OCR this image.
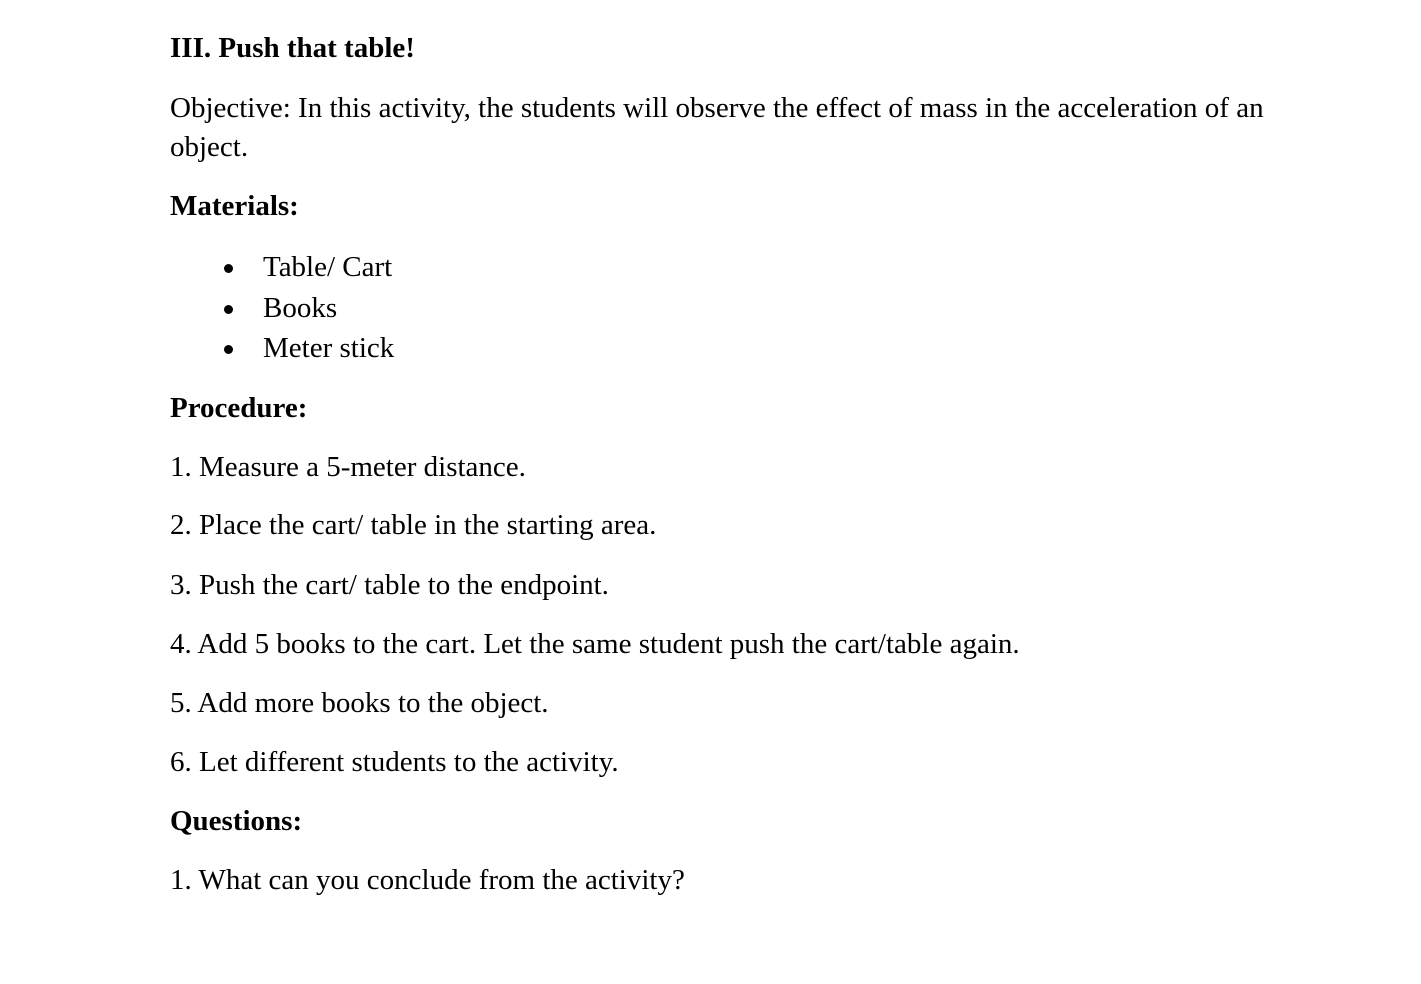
III. Push that table!
Objective: In this activity, the students will observe the effect of mass in the acceleration of an object.
Materials:
Table/ Cart
Books
Meter stick
Procedure:
1. Measure a 5-meter distance.
2. Place the cart/ table in the starting area.
3. Push the cart/ table to the endpoint.
4. Add 5 books to the cart. Let the same student push the cart/table again.
5. Add more books to the object.
6. Let different students to the activity.
Questions:
1. What can you conclude from the activity?
